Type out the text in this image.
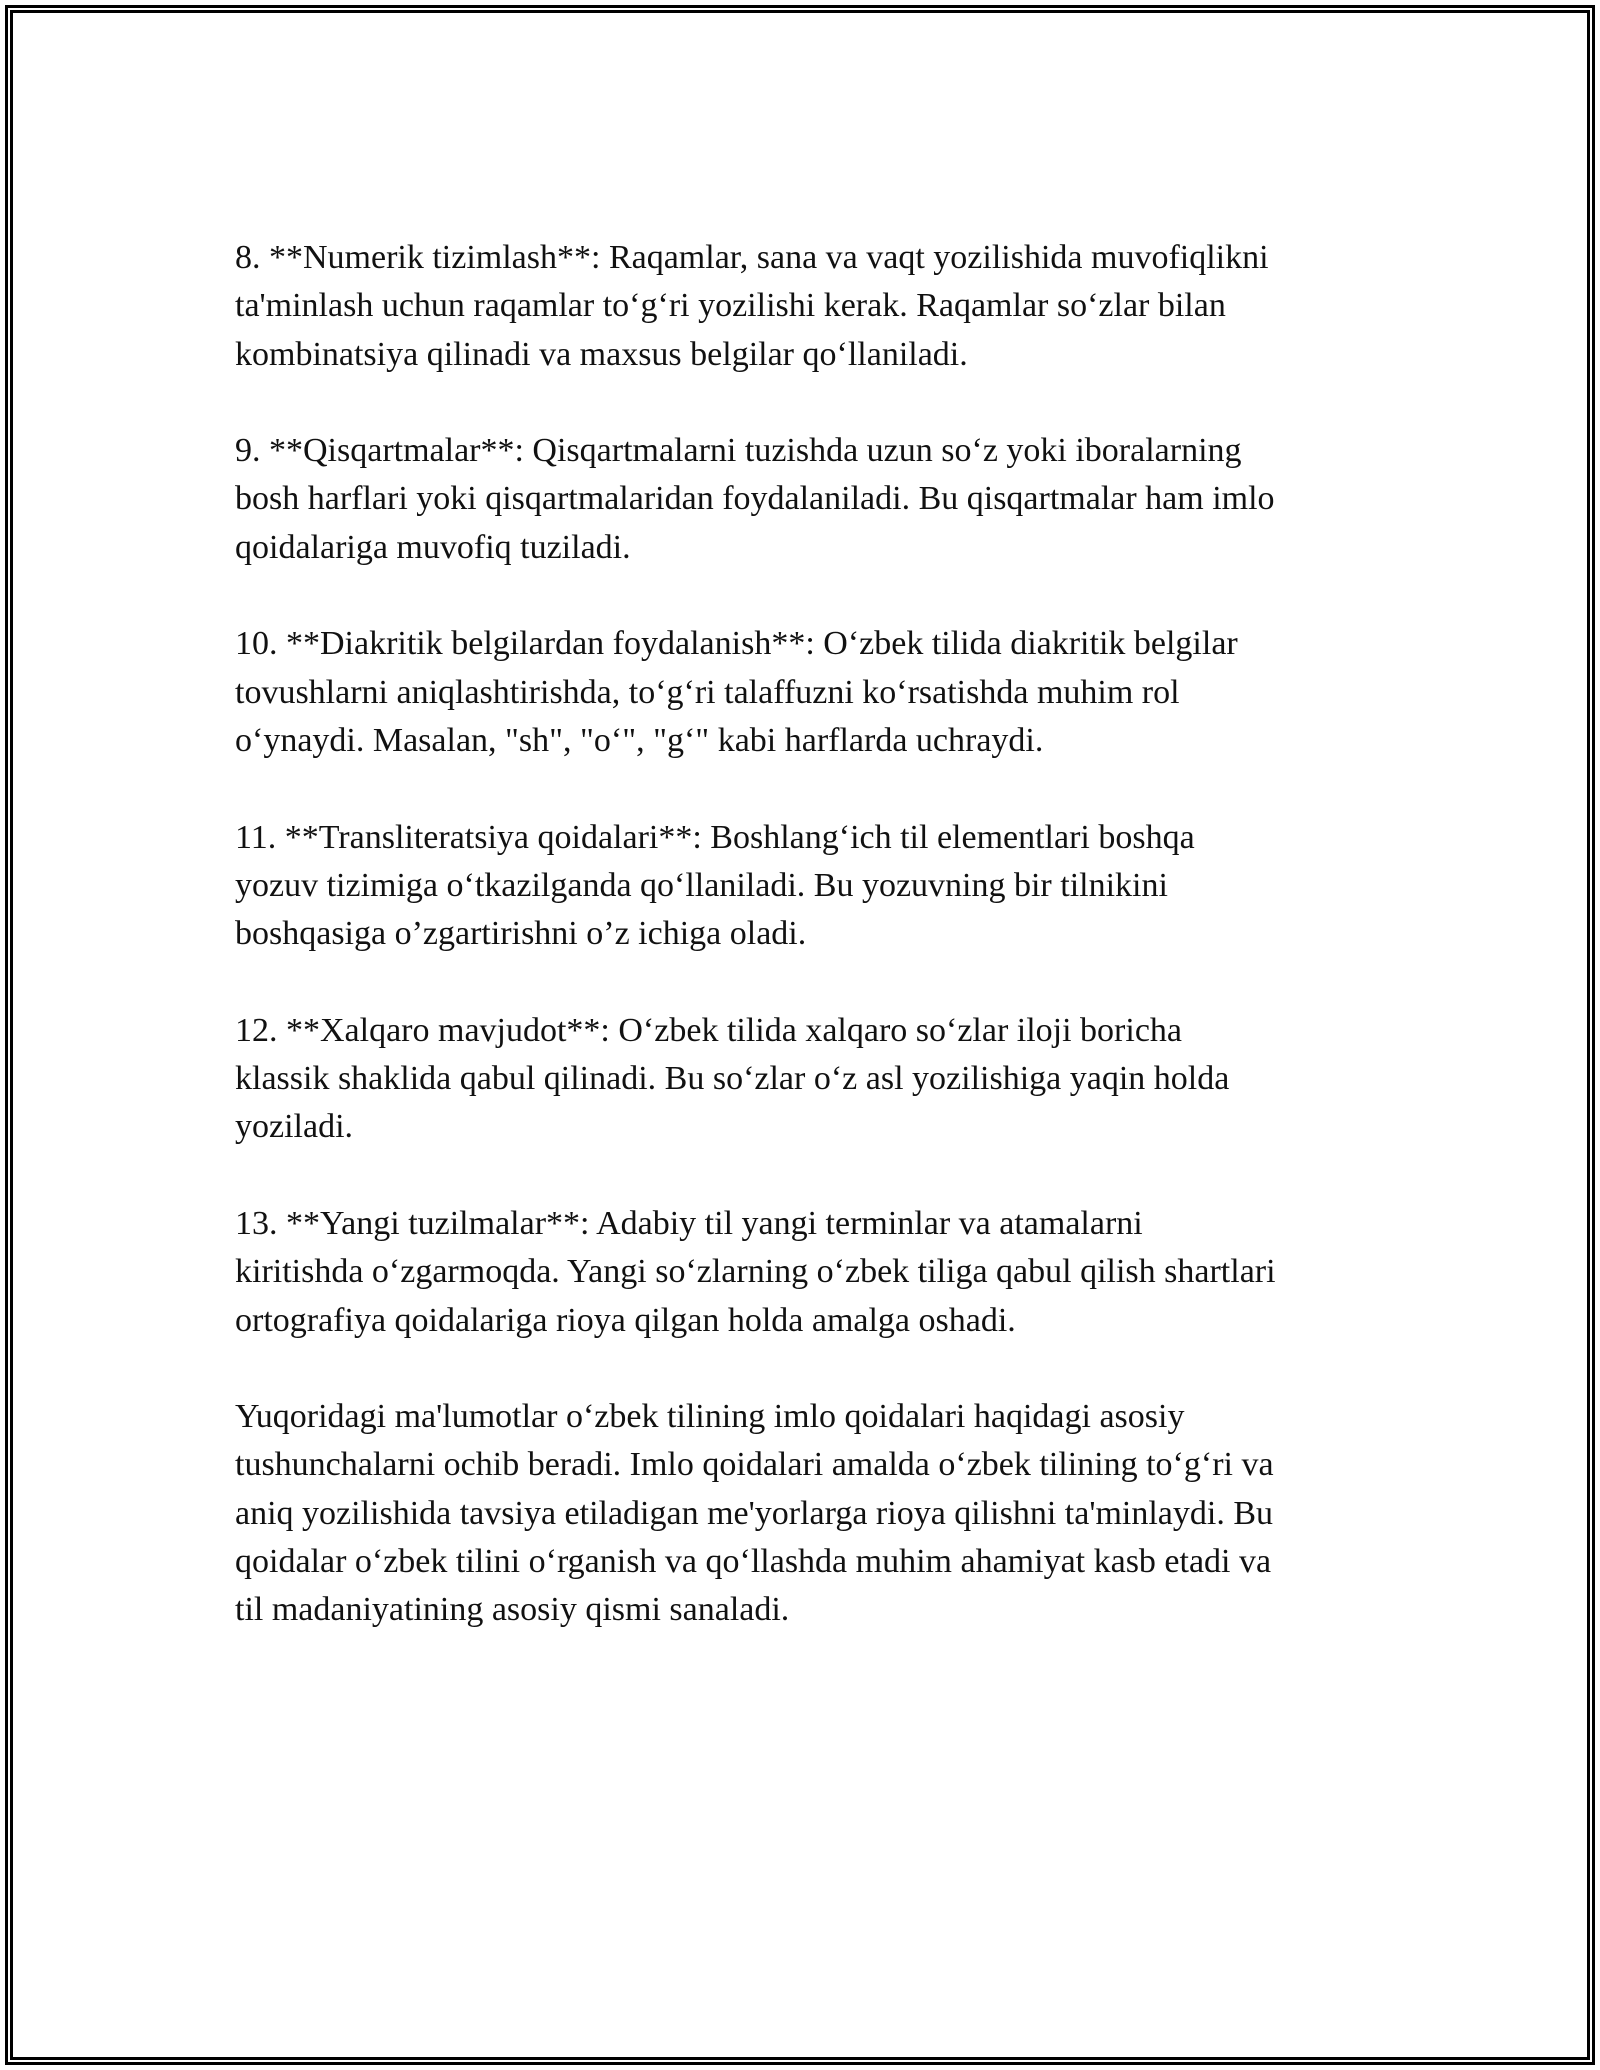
8. **Numerik tizimlash**: Raqamlar, sana va vaqt yozilishida muvofiqlikni
ta'minlash uchun raqamlar to‘g‘ri yozilishi kerak. Raqamlar so‘zlar bilan
kombinatsiya qilinadi va maxsus belgilar qo‘llaniladi.

9. **Qisqartmalar**: Qisqartmalarni tuzishda uzun so‘z yoki iboralarning
bosh harflari yoki qisqartmalaridan foydalaniladi. Bu qisqartmalar ham imlo
qoidalariga muvofiq tuziladi.

10. **Diakritik belgilardan foydalanish**: O‘zbek tilida diakritik belgilar
tovushlarni aniqlashtirishda, to‘g‘ri talaffuzni ko‘rsatishda muhim rol
o‘ynaydi. Masalan, "sh", "o‘", "g‘" kabi harflarda uchraydi.

11. **Transliteratsiya qoidalari**: Boshlang‘ich til elementlari boshqa
yozuv tizimiga o‘tkazilganda qo‘llaniladi. Bu yozuvning bir tilnikini
boshqasiga o’zgartirishni o’z ichiga oladi.

12. **Xalqaro mavjudot**: O‘zbek tilida xalqaro so‘zlar iloji boricha
klassik shaklida qabul qilinadi. Bu so‘zlar o‘z asl yozilishiga yaqin holda
yoziladi.

13. **Yangi tuzilmalar**: Adabiy til yangi terminlar va atamalarni
kiritishda o‘zgarmoqda. Yangi so‘zlarning o‘zbek tiliga qabul qilish shartlari
ortografiya qoidalariga rioya qilgan holda amalga oshadi.

Yuqoridagi ma'lumotlar o‘zbek tilining imlo qoidalari haqidagi asosiy
tushunchalarni ochib beradi. Imlo qoidalari amalda o‘zbek tilining to‘g‘ri va
aniq yozilishida tavsiya etiladigan me'yorlarga rioya qilishni ta'minlaydi. Bu
qoidalar o‘zbek tilini o‘rganish va qo‘llashda muhim ahamiyat kasb etadi va
til madaniyatining asosiy qismi sanaladi.
